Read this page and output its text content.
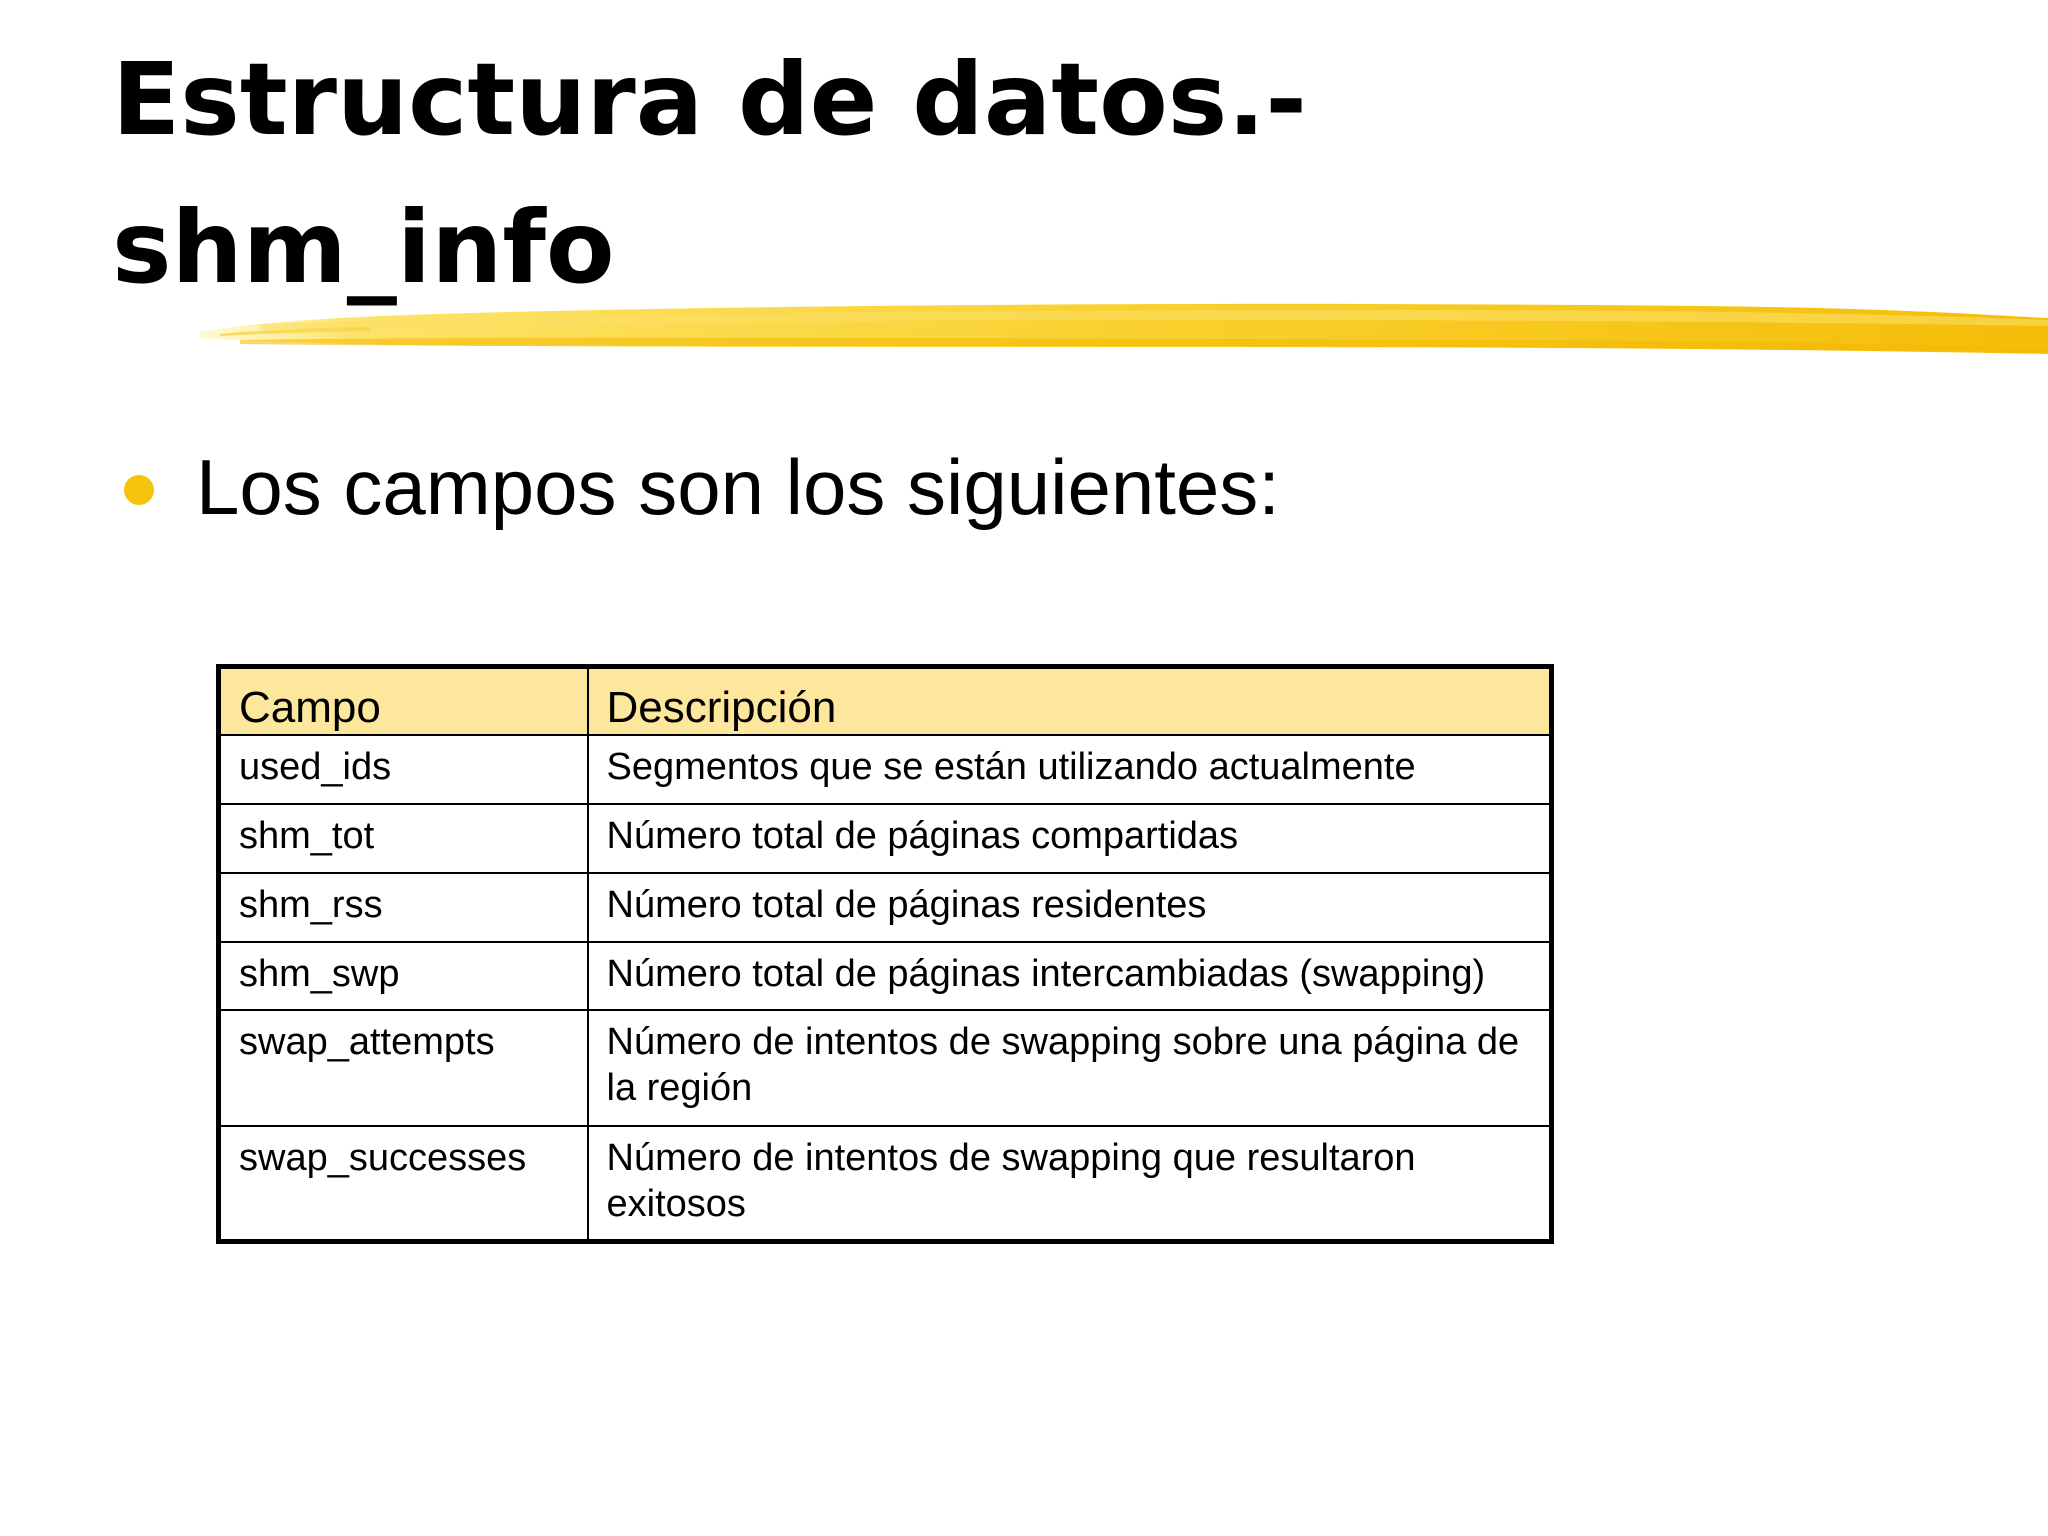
Estructura de datos.-
shm_info
Los campos son los siguientes:
Campo	Descripción

used_ids	Segmentos que se están utilizando actualmente

shm_tot	Número total de páginas compartidas

shm_rss	Número total de páginas residentes

shm_swp	Número total de páginas intercambiadas (swapping)

swap_attempts	Número de intentos de swapping sobre una página de la región

swap_successes	Número de intentos de swapping que resultaron exitosos
